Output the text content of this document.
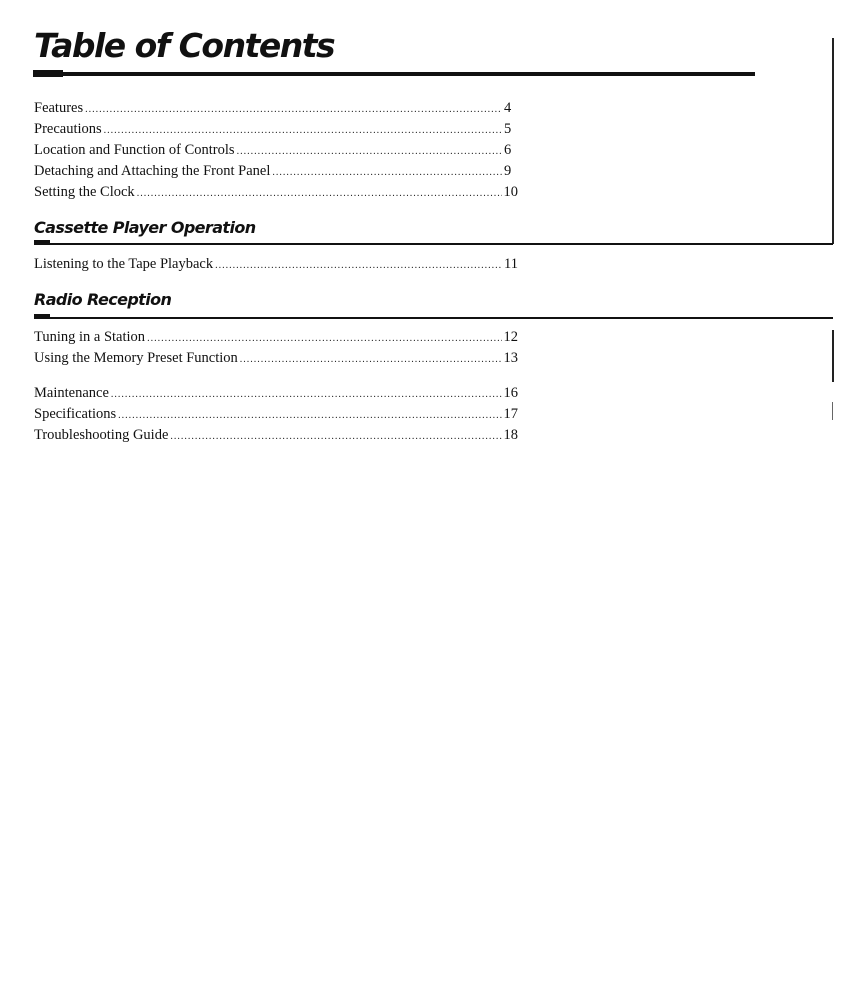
Table of Contents
Features .....	4
Precautions .....	5
Location and Function of Controls .....	6
Detaching and Attaching the Front Panel .....	9
Setting the Clock .....	10
Cassette Player Operation
Listening to the Tape Playback .....	11
Radio Reception
Tuning in a Station .....	12
Using the Memory Preset Function .....	13
Maintenance .....	16
Specifications .....	17
Troubleshooting Guide .....	18
